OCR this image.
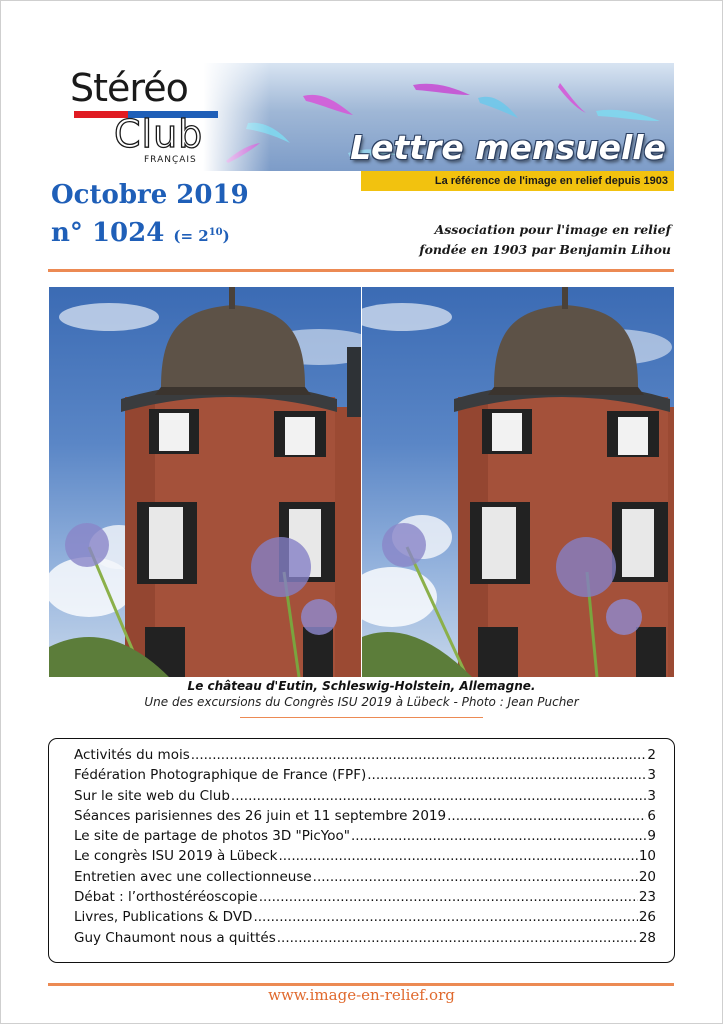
Stéréo
Club
FRANÇAIS	Lettre mensuelle
La référence de l'image en relief depuis 1903
Octobre 2019
n° 1024 (= $2^{10}$)	Association pour l'image en relief
fondée en 1903 par Benjamin Lihou
Le château d'Eutin, Schleswig-Holstein, Allemagne.
Une des excursions du Congrès ISU 2019 à Lübeck - Photo : Jean Pucher
Activités du mois .....	2
Fédération Photographique de France (FPF) .....	3
Sur le site web du Club .....	3
Séances parisiennes des 26 juin et 11 septembre 2019 .....	6
Le site de partage de photos 3D "PicYoo" .....	9
Le congrès ISU 2019 à Lübeck .....	10
Entretien avec une collectionneuse .....	20
Débat : l’orthostéréoscopie .....	23
Livres, Publications & DVD .....	26
Guy Chaumont nous a quittés .....	28
www.image-en-relief.org
